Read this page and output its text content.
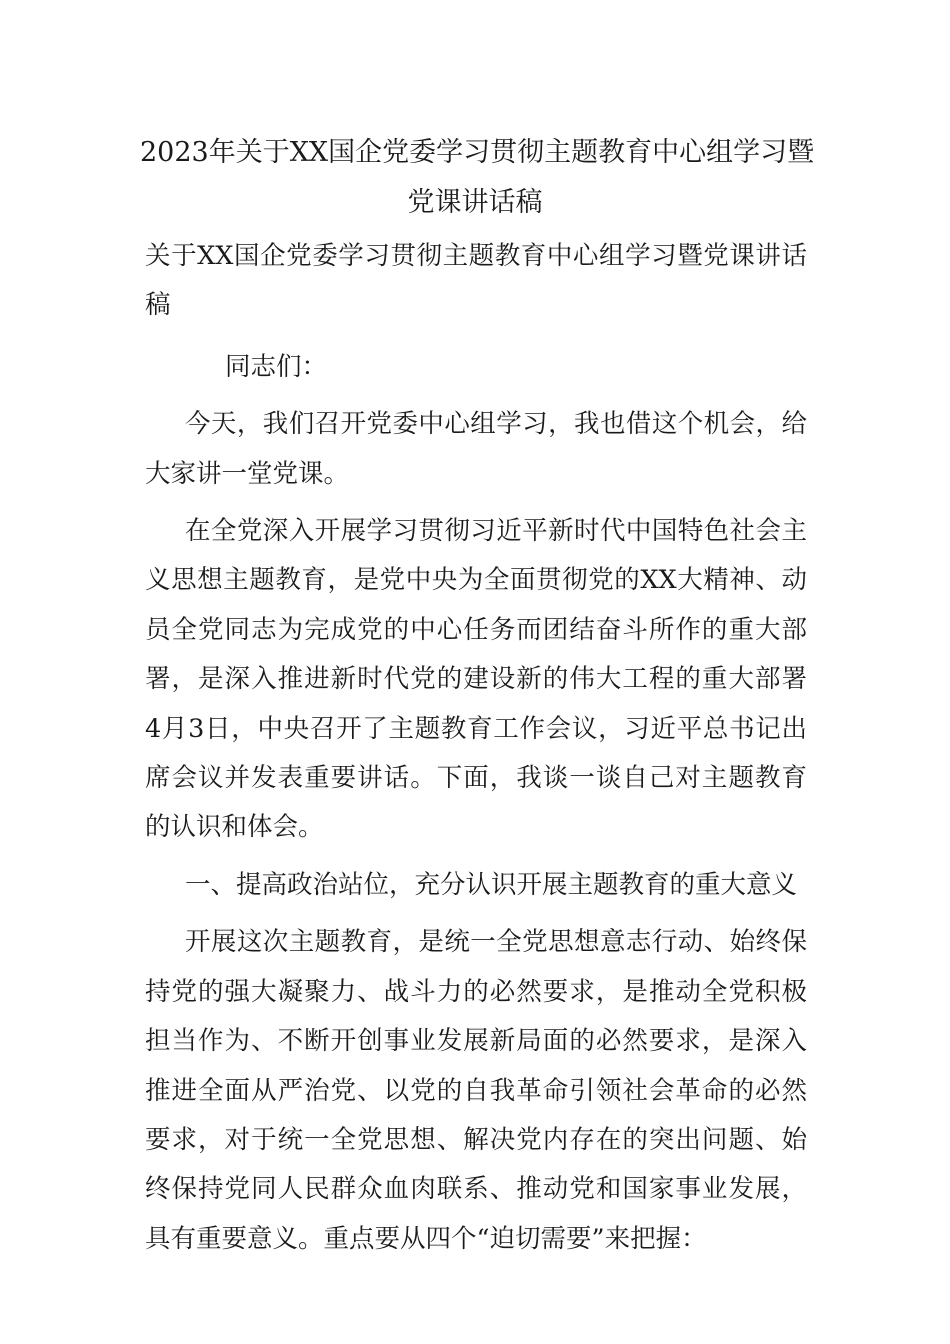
2023年关于XX国企党委学习贯彻主题教育中心组学习暨
党课讲话稿

关于XX国企党委学习贯彻主题教育中心组学习暨党课讲话
稿

同志们：

今天，我们召开党委中心组学习，我也借这个机会，给
大家讲一堂党课。

在全党深入开展学习贯彻习近平新时代中国特色社会主
义思想主题教育，是党中央为全面贯彻党的XX大精神、动
员全党同志为完成党的中心任务而团结奋斗所作的重大部
署，是深入推进新时代党的建设新的伟大工程的重大部署
4月3日，中央召开了主题教育工作会议，习近平总书记出
席会议并发表重要讲话。下面，我谈一谈自己对主题教育
的认识和体会。

一、提高政治站位，充分认识开展主题教育的重大意义

开展这次主题教育，是统一全党思想意志行动、始终保
持党的强大凝聚力、战斗力的必然要求，是推动全党积极
担当作为、不断开创事业发展新局面的必然要求，是深入
推进全面从严治党、以党的自我革命引领社会革命的必然
要求，对于统一全党思想、解决党内存在的突出问题、始
终保持党同人民群众血肉联系、推动党和国家事业发展，
具有重要意义。重点要从四个“迫切需要”来把握：
